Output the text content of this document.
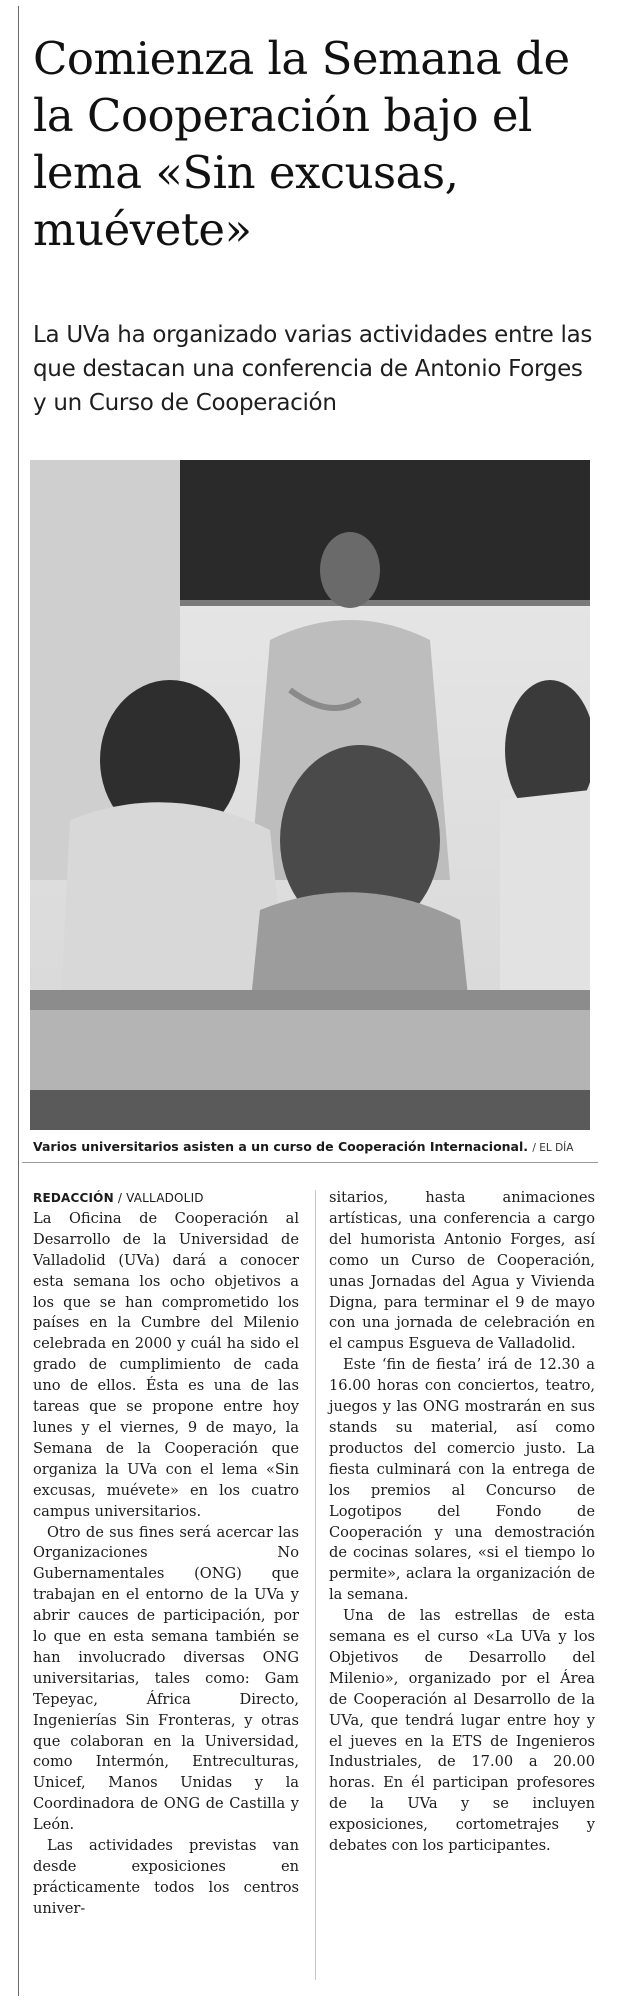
Comienza la Semana de la Cooperación bajo el lema «Sin excusas, muévete»

La UVa ha organizado varias actividades entre las que destacan una conferencia de Antonio Forges y un Curso de Cooperación

Varios universitarios asisten a un curso de Cooperación Internacional. / EL DÍA

REDACCIÓN / VALLADOLID
La Oficina de Cooperación al Desarrollo de la Universidad de Valladolid (UVa) dará a conocer esta semana los ocho objetivos a los que se han comprometido los países en la Cumbre del Milenio celebrada en 2000 y cuál ha sido el grado de cumplimiento de cada uno de ellos. Ésta es una de las tareas que se propone entre hoy lunes y el viernes, 9 de mayo, la Semana de la Cooperación que organiza la UVa con el lema «Sin excusas, muévete» en los cuatro campus universitarios.

Otro de sus fines será acercar las Organizaciones No Gubernamentales (ONG) que trabajan en el entorno de la UVa y abrir cauces de participación, por lo que en esta semana también se han involucrado diversas ONG universitarias, tales como: Gam Tepeyac, África Directo, Ingenierías Sin Fronteras, y otras que colaboran en la Universidad, como Intermón, Entreculturas, Unicef, Manos Unidas y la Coordinadora de ONG de Castilla y León.

Las actividades previstas van desde exposiciones en prácticamente todos los centros univer-

sitarios, hasta animaciones artísticas, una conferencia a cargo del humorista Antonio Forges, así como un Curso de Cooperación, unas Jornadas del Agua y Vivienda Digna, para terminar el 9 de mayo con una jornada de celebración en el campus Esgueva de Valladolid.

Este ‘fin de fiesta’ irá de 12.30 a 16.00 horas con conciertos, teatro, juegos y las ONG mostrarán en sus stands su material, así como productos del comercio justo. La fiesta culminará con la entrega de los premios al Concurso de Logotipos del Fondo de Cooperación y una demostración de cocinas solares, «si el tiempo lo permite», aclara la organización de la semana.

Una de las estrellas de esta semana es el curso «La UVa y los Objetivos de Desarrollo del Milenio», organizado por el Área de Cooperación al Desarrollo de la UVa, que tendrá lugar entre hoy y el jueves en la ETS de Ingenieros Industriales, de 17.00 a 20.00 horas. En él participan profesores de la UVa y se incluyen exposiciones, cortometrajes y debates con los participantes.
